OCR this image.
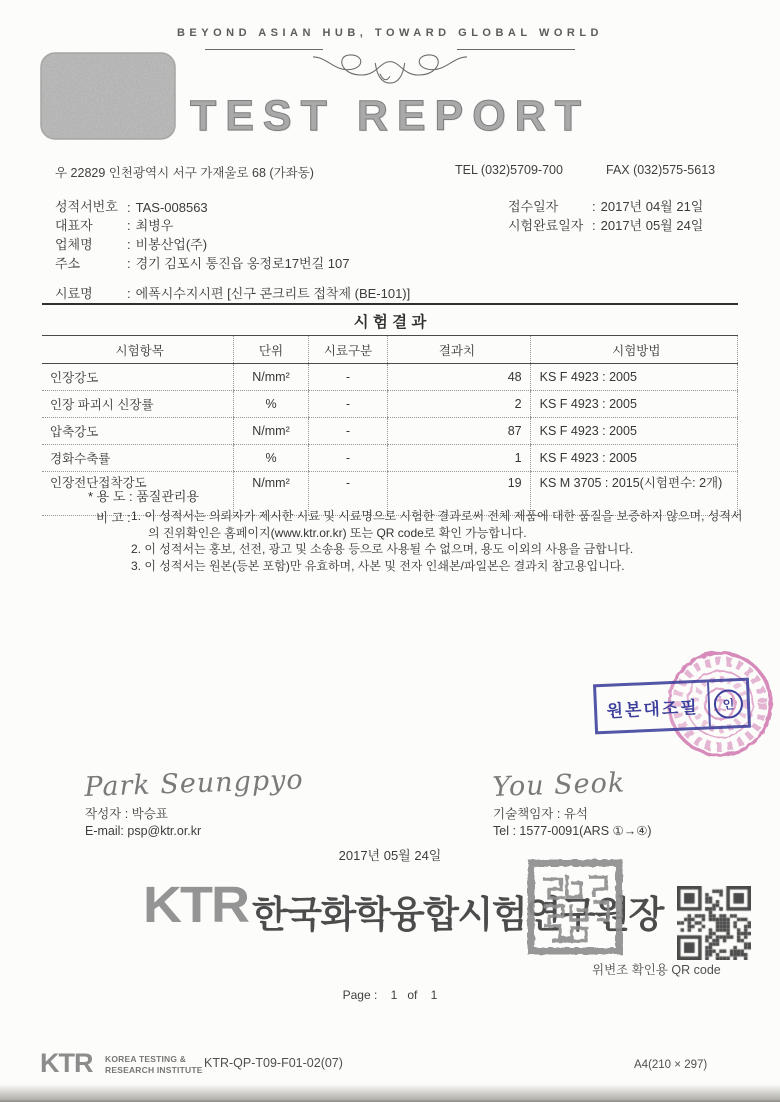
BEYOND ASIAN HUB, TOWARD GLOBAL WORLD
TEST REPORT
우 22829 인천광역시 서구 가재울로 68 (가좌동)	TEL (032)5709-700	FAX (032)575-5613
성적서번호 : TAS-008563
대표자	: 최병우
업체명	: 비봉산업(주)
주소	: 경기 김포시 통진읍 옹정로17번길 107
접수일자	: 2017년 04월 21일
시험완료일자 : 2017년 05월 24일
시료명	: 에폭시수지시편 [신구 콘크리트 접착제 (BE-101)]
시 험 결 과
시험항목	단위	시료구분	결과치	시험방법
인장강도	N/mm²	-	48	KS F 4923 : 2005
인장 파괴시 신장률	%	-	2	KS F 4923 : 2005
압축강도	N/mm²	-	87	KS F 4923 : 2005
경화수축률	%	-	1	KS F 4923 : 2005
인장전단접착강도	N/mm²	-	19	KS M 3705 : 2015(시험편수: 2개)
* 용 도 : 품질관리용
비 고 : 1. 이 성적서는 의뢰자가 제시한 시료 및 시료명으로 시험한 결과로써 전체 제품에 대한 품질을 보증하지 않으며, 성적서의 진위확인은 홈페이지(www.ktr.or.kr) 또는 QR code로 확인 가능합니다.
2. 이 성적서는 홍보, 선전, 광고 및 소송용 등으로 사용될 수 없으며, 용도 이외의 사용을 금합니다.
3. 이 성적서는 원본(등본 포함)만 유효하며, 사본 및 전자 인쇄본/파일본은 결과치 참고용입니다.
원본대조필	인
Park Seungpyo
작성자 : 박승표
E-mail: psp@ktr.or.kr
You Seok
기술책임자 : 유석
Tel : 1577-0091(ARS ①→④)
2017년 05월 24일
KTR 한국화학융합시험연구원장
위변조 확인용 QR code
Page :    1   of    1
KTR KOREA TESTING &
RESEARCH INSTITUTE KTR-QP-T09-F01-02(07)	A4(210 × 297)
